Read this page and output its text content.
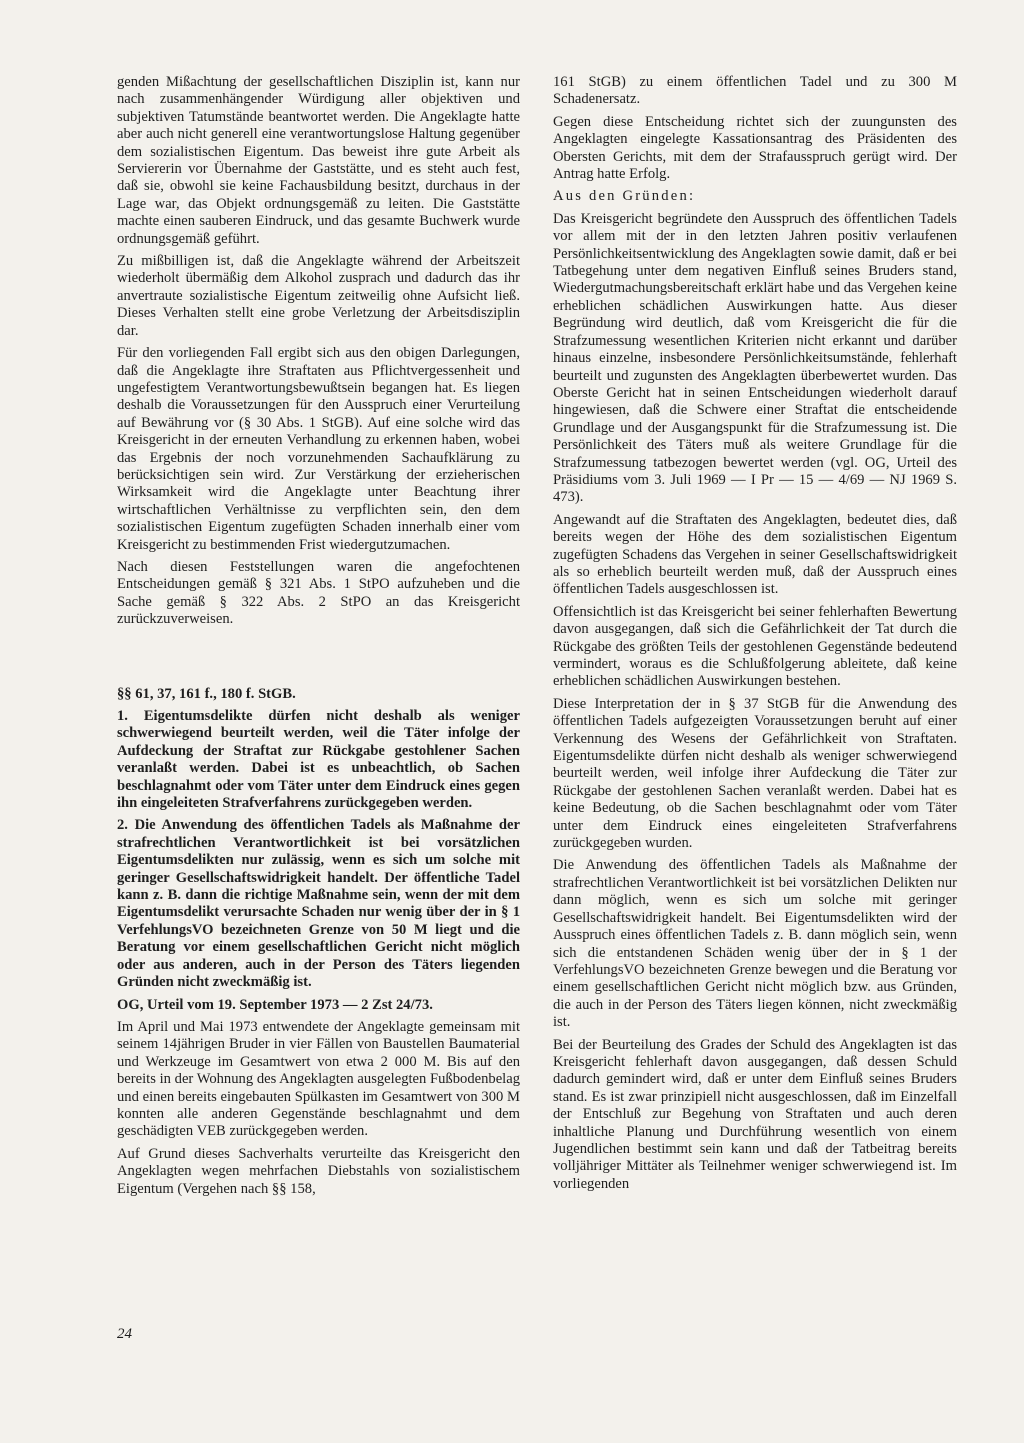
genden Mißachtung der gesellschaftlichen Disziplin ist, kann nur nach zusammenhängender Würdigung aller objektiven und subjektiven Tatumstände beantwortet werden. Die Angeklagte hatte aber auch nicht generell eine verantwortungslose Haltung gegenüber dem sozialistischen Eigentum. Das beweist ihre gute Arbeit als Serviererin vor Übernahme der Gaststätte, und es steht auch fest, daß sie, obwohl sie keine Fachausbildung besitzt, durchaus in der Lage war, das Objekt ordnungsgemäß zu leiten. Die Gaststätte machte einen sauberen Eindruck, und das gesamte Buchwerk wurde ordnungsgemäß geführt.

Zu mißbilligen ist, daß die Angeklagte während der Arbeitszeit wiederholt übermäßig dem Alkohol zusprach und dadurch das ihr anvertraute sozialistische Eigentum zeitweilig ohne Aufsicht ließ. Dieses Verhalten stellt eine grobe Verletzung der Arbeitsdisziplin dar.

Für den vorliegenden Fall ergibt sich aus den obigen Darlegungen, daß die Angeklagte ihre Straftaten aus Pflichtvergessenheit und ungefestigtem Verantwortungsbewußtsein begangen hat. Es liegen deshalb die Voraussetzungen für den Ausspruch einer Verurteilung auf Bewährung vor (§ 30 Abs. 1 StGB). Auf eine solche wird das Kreisgericht in der erneuten Verhandlung zu erkennen haben, wobei das Ergebnis der noch vorzunehmenden Sachaufklärung zu berücksichtigen sein wird. Zur Verstärkung der erzieherischen Wirksamkeit wird die Angeklagte unter Beachtung ihrer wirtschaftlichen Verhältnisse zu verpflichten sein, den dem sozialistischen Eigentum zugefügten Schaden innerhalb einer vom Kreisgericht zu bestimmenden Frist wiedergutzumachen.

Nach diesen Feststellungen waren die angefochtenen Entscheidungen gemäß § 321 Abs. 1 StPO aufzuheben und die Sache gemäß § 322 Abs. 2 StPO an das Kreisgericht zurückzuverweisen.

§§ 61, 37, 161 f., 180 f. StGB.

1. Eigentumsdelikte dürfen nicht deshalb als weniger schwerwiegend beurteilt werden, weil die Täter infolge der Aufdeckung der Straftat zur Rückgabe gestohlener Sachen veranlaßt werden. Dabei ist es unbeachtlich, ob Sachen beschlagnahmt oder vom Täter unter dem Eindruck eines gegen ihn eingeleiteten Strafverfahrens zurückgegeben werden.

2. Die Anwendung des öffentlichen Tadels als Maßnahme der strafrechtlichen Verantwortlichkeit ist bei vorsätzlichen Eigentumsdelikten nur zulässig, wenn es sich um solche mit geringer Gesellschaftswidrigkeit handelt. Der öffentliche Tadel kann z. B. dann die richtige Maßnahme sein, wenn der mit dem Eigentumsdelikt verursachte Schaden nur wenig über der in § 1 VerfehlungsVO bezeichneten Grenze von 50 M liegt und die Beratung vor einem gesellschaftlichen Gericht nicht möglich oder aus anderen, auch in der Person des Täters liegenden Gründen nicht zweckmäßig ist.

OG, Urteil vom 19. September 1973 — 2 Zst 24/73.

Im April und Mai 1973 entwendete der Angeklagte gemeinsam mit seinem 14jährigen Bruder in vier Fällen von Baustellen Baumaterial und Werkzeuge im Gesamtwert von etwa 2 000 M. Bis auf den bereits in der Wohnung des Angeklagten ausgelegten Fußbodenbelag und einen bereits eingebauten Spülkasten im Gesamtwert von 300 M konnten alle anderen Gegenstände beschlagnahmt und dem geschädigten VEB zurückgegeben werden.

Auf Grund dieses Sachverhalts verurteilte das Kreisgericht den Angeklagten wegen mehrfachen Diebstahls von sozialistischem Eigentum (Vergehen nach §§ 158,

161 StGB) zu einem öffentlichen Tadel und zu 300 M Schadenersatz.

Gegen diese Entscheidung richtet sich der zuungunsten des Angeklagten eingelegte Kassationsantrag des Präsidenten des Obersten Gerichts, mit dem der Strafausspruch gerügt wird. Der Antrag hatte Erfolg.

Aus den Gründen:

Das Kreisgericht begründete den Ausspruch des öffentlichen Tadels vor allem mit der in den letzten Jahren positiv verlaufenen Persönlichkeitsentwicklung des Angeklagten sowie damit, daß er bei Tatbegehung unter dem negativen Einfluß seines Bruders stand, Wiedergutmachungsbereitschaft erklärt habe und das Vergehen keine erheblichen schädlichen Auswirkungen hatte. Aus dieser Begründung wird deutlich, daß vom Kreisgericht die für die Strafzumessung wesentlichen Kriterien nicht erkannt und darüber hinaus einzelne, insbesondere Persönlichkeitsumstände, fehlerhaft beurteilt und zugunsten des Angeklagten überbewertet wurden. Das Oberste Gericht hat in seinen Entscheidungen wiederholt darauf hingewiesen, daß die Schwere einer Straftat die entscheidende Grundlage und der Ausgangspunkt für die Strafzumessung ist. Die Persönlichkeit des Täters muß als weitere Grundlage für die Strafzumessung tatbezogen bewertet werden (vgl. OG, Urteil des Präsidiums vom 3. Juli 1969 — I Pr — 15 — 4/69 — NJ 1969 S. 473).

Angewandt auf die Straftaten des Angeklagten, bedeutet dies, daß bereits wegen der Höhe des dem sozialistischen Eigentum zugefügten Schadens das Vergehen in seiner Gesellschaftswidrigkeit als so erheblich beurteilt werden muß, daß der Ausspruch eines öffentlichen Tadels ausgeschlossen ist.

Offensichtlich ist das Kreisgericht bei seiner fehlerhaften Bewertung davon ausgegangen, daß sich die Gefährlichkeit der Tat durch die Rückgabe des größten Teils der gestohlenen Gegenstände bedeutend vermindert, woraus es die Schlußfolgerung ableitete, daß keine erheblichen schädlichen Auswirkungen bestehen.

Diese Interpretation der in § 37 StGB für die Anwendung des öffentlichen Tadels aufgezeigten Voraussetzungen beruht auf einer Verkennung des Wesens der Gefährlichkeit von Straftaten. Eigentumsdelikte dürfen nicht deshalb als weniger schwerwiegend beurteilt werden, weil infolge ihrer Aufdeckung die Täter zur Rückgabe der gestohlenen Sachen veranlaßt werden. Dabei hat es keine Bedeutung, ob die Sachen beschlagnahmt oder vom Täter unter dem Eindruck eines eingeleiteten Strafverfahrens zurückgegeben wurden.

Die Anwendung des öffentlichen Tadels als Maßnahme der strafrechtlichen Verantwortlichkeit ist bei vorsätzlichen Delikten nur dann möglich, wenn es sich um solche mit geringer Gesellschaftswidrigkeit handelt. Bei Eigentumsdelikten wird der Ausspruch eines öffentlichen Tadels z. B. dann möglich sein, wenn sich die entstandenen Schäden wenig über der in § 1 der VerfehlungsVO bezeichneten Grenze bewegen und die Beratung vor einem gesellschaftlichen Gericht nicht möglich bzw. aus Gründen, die auch in der Person des Täters liegen können, nicht zweckmäßig ist.

Bei der Beurteilung des Grades der Schuld des Angeklagten ist das Kreisgericht fehlerhaft davon ausgegangen, daß dessen Schuld dadurch gemindert wird, daß er unter dem Einfluß seines Bruders stand. Es ist zwar prinzipiell nicht ausgeschlossen, daß im Einzelfall der Entschluß zur Begehung von Straftaten und auch deren inhaltliche Planung und Durchführung wesentlich von einem Jugendlichen bestimmt sein kann und daß der Tatbeitrag bereits volljähriger Mittäter als Teilnehmer weniger schwerwiegend ist. Im vorliegenden

24
